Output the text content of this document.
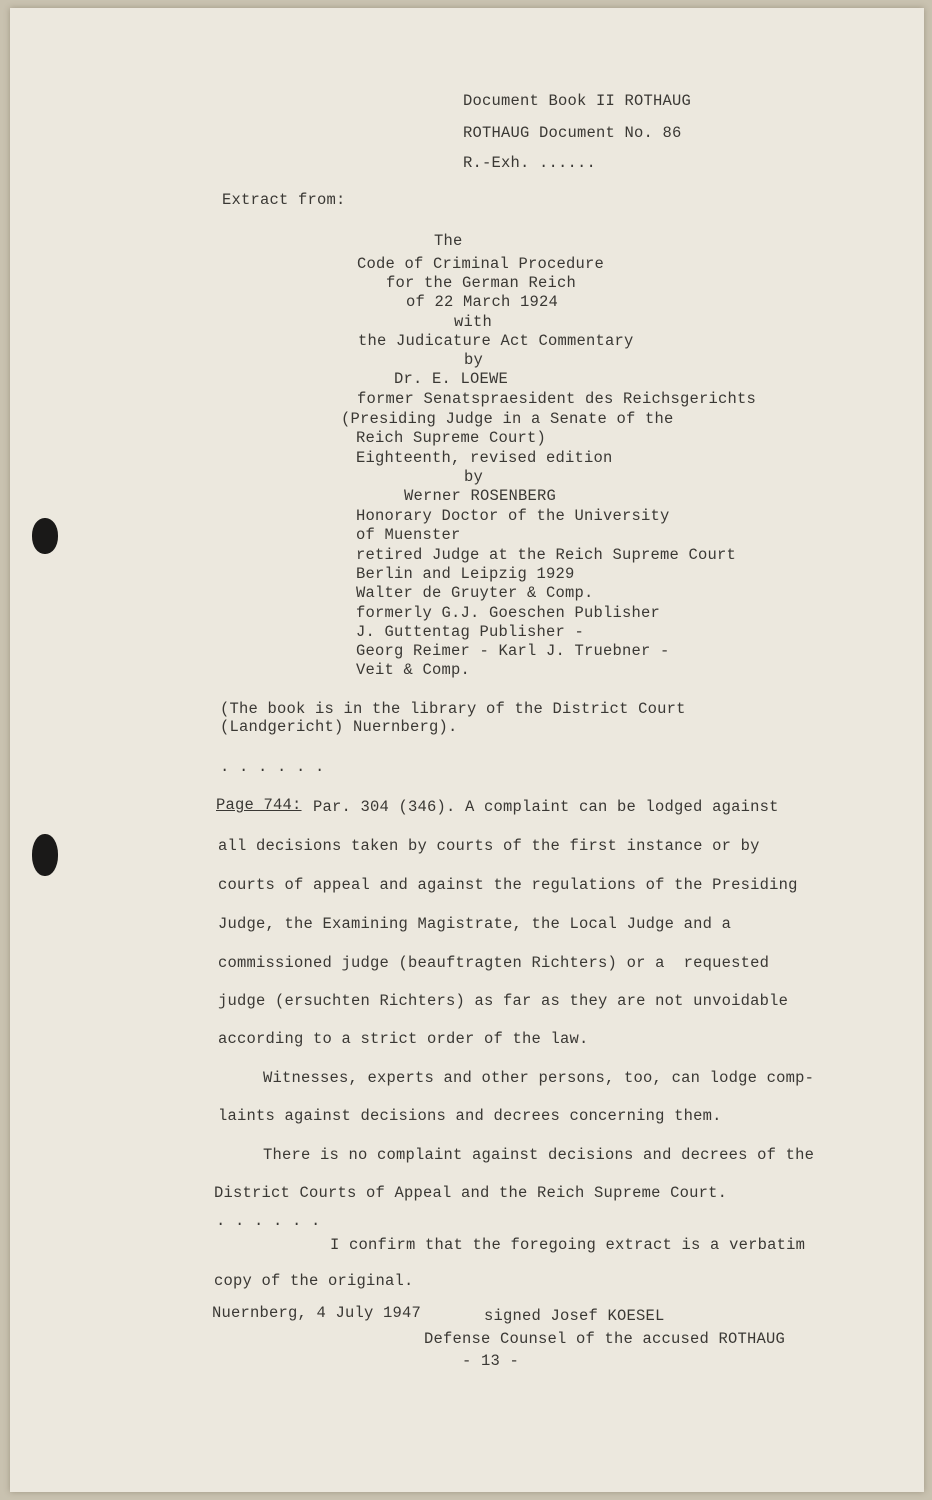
Document Book II ROTHAUG
ROTHAUG Document No. 86
R.-Exh. ......
Extract from:
The
Code of Criminal Procedure
for the German Reich
of 22 March 1924
with
the Judicature Act Commentary
by
Dr. E. LOEWE
former Senatspraesident des Reichsgerichts
(Presiding Judge in a Senate of the
Reich Supreme Court)
Eighteenth, revised edition
by
Werner ROSENBERG
Honorary Doctor of the University
of Muenster
retired Judge at the Reich Supreme Court
Berlin and Leipzig 1929
Walter de Gruyter & Comp.
formerly G.J. Goeschen Publisher
J. Guttentag Publisher -
Georg Reimer - Karl J. Truebner -
Veit & Comp.
(The book is in the library of the District Court
(Landgericht) Nuernberg).
. . . . . .
Page 744: Par. 304 (346). A complaint can be lodged against
all decisions taken by courts of the first instance or by
courts of appeal and against the regulations of the Presiding
Judge, the Examining Magistrate, the Local Judge and a
commissioned judge (beauftragten Richters) or a  requested
judge (ersuchten Richters) as far as they are not unvoidable
according to a strict order of the law.
Witnesses, experts and other persons, too, can lodge comp-
laints against decisions and decrees concerning them.
There is no complaint against decisions and decrees of the
District Courts of Appeal and the Reich Supreme Court.
. . . . . .
I confirm that the foregoing extract is a verbatim
copy of the original.
Nuernberg, 4 July 1947	signed Josef KOESEL
Defense Counsel of the accused ROTHAUG
- 13 -
